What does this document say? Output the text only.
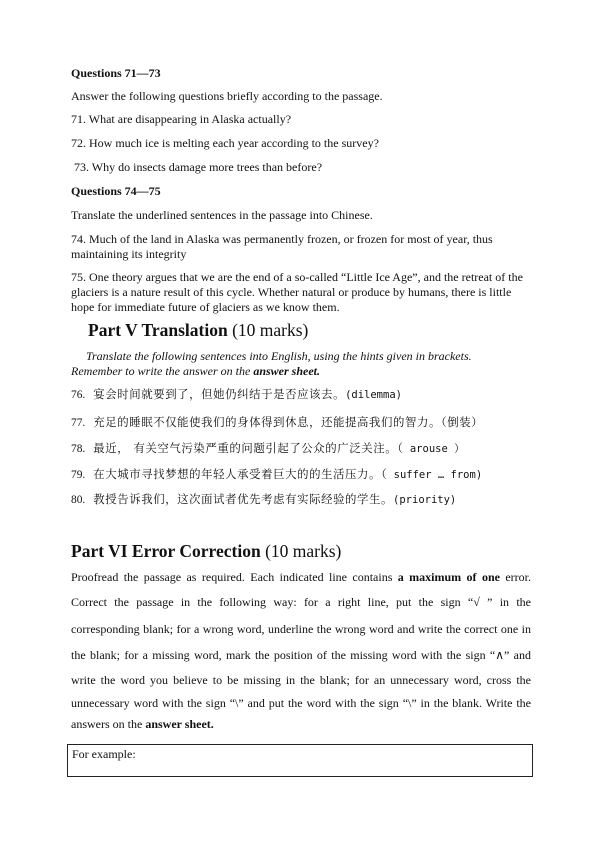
Questions 71—73
Answer the following questions briefly according to the passage.
71. What are disappearing in Alaska actually?
72. How much ice is melting each year according to the survey?
73. Why do insects damage more trees than before?
Questions 74—75
Translate the underlined sentences in the passage into Chinese.
74. Much of the land in Alaska was permanently frozen, or frozen for most of year, thus maintaining its integrity
75. One theory argues that we are the end of a so-called “Little Ice Age”, and the retreat of the glaciers is a nature result of this cycle. Whether natural or produce by humans, there is little hope for immediate future of glaciers as we know them.
Part V Translation (10 marks)
Translate the following sentences into English, using the hints given in brackets.
Remember to write the answer on the answer sheet.
76. 宴会时间就要到了，但她仍纠结于是否应该去。(dilemma)
77. 充足的睡眠不仅能使我们的身体得到休息，还能提高我们的智力。（倒装）
78. 最近， 有关空气污染严重的问题引起了公众的广泛关注。（ arouse ）
79. 在大城市寻找梦想的年轻人承受着巨大的的生活压力。（ suffer … from)
80. 教授告诉我们，这次面试者优先考虑有实际经验的学生。(priority)
Part VI Error Correction (10 marks)
Proofread the passage as required. Each indicated line contains a maximum of one error.
Correct the passage in the following way: for a right line, put the sign “√ ” in the
corresponding blank; for a wrong word, underline the wrong word and write the correct one in
the blank; for a missing word, mark the position of the missing word with the sign “∧” and
write the word you believe to be missing in the blank; for an unnecessary word, cross the
unnecessary word with the sign “\” and put the word with the sign “\” in the blank. Write the
answers on the answer sheet.
For example:
